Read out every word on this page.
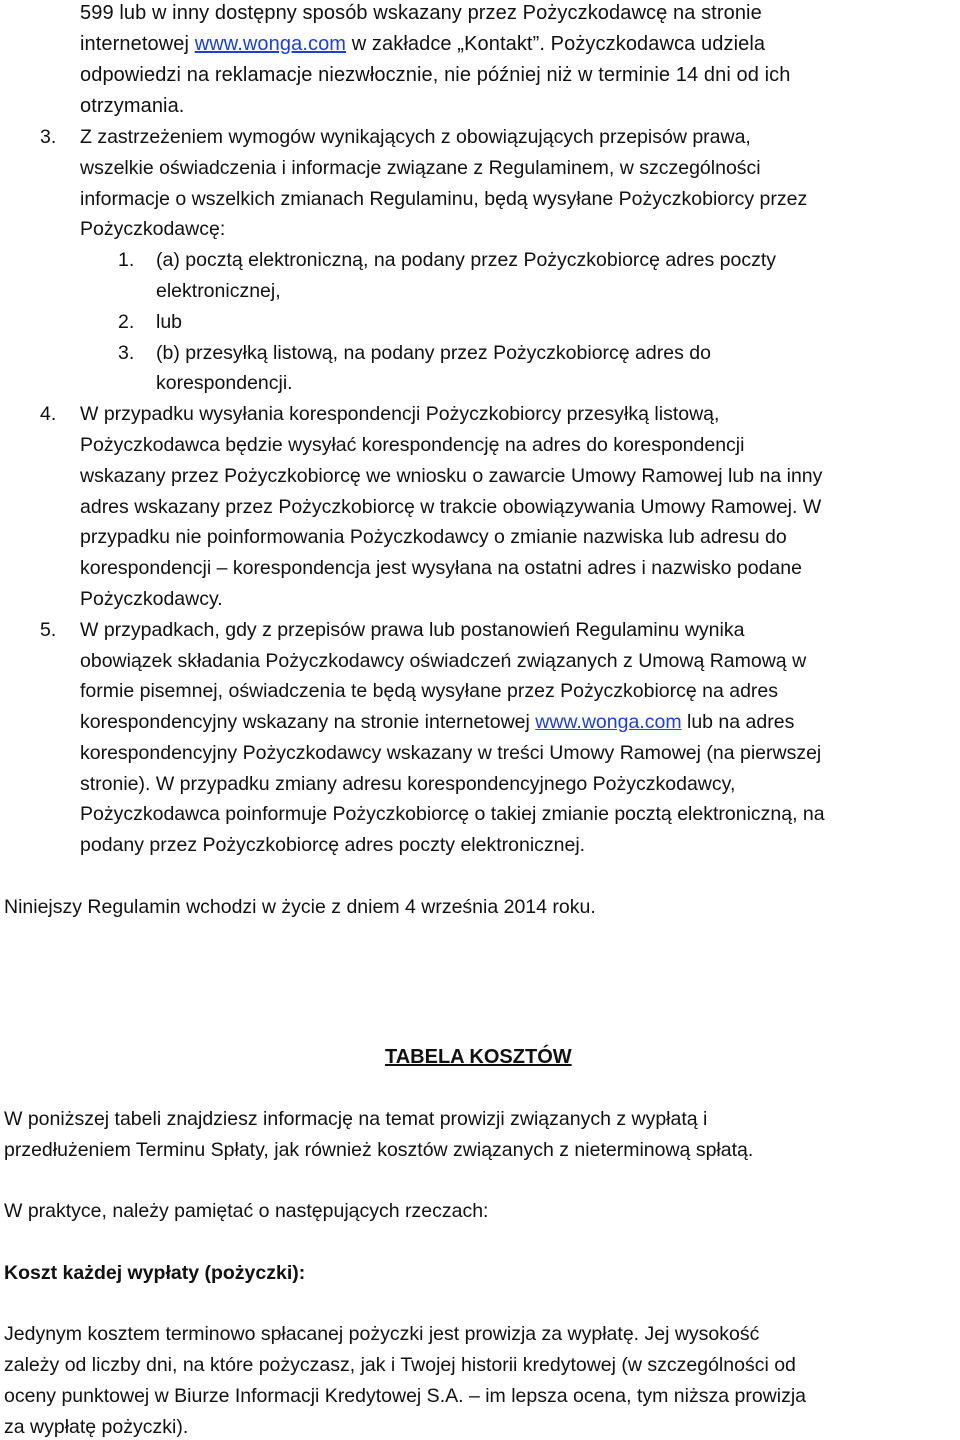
599 lub w inny dostępny sposób wskazany przez Pożyczkodawcę na stronie
internetowej www.wonga.com w zakładce „Kontakt”. Pożyczkodawca udziela
odpowiedzi na reklamacje niezwłocznie, nie później niż w terminie 14 dni od ich
otrzymania.
3. Z zastrzeżeniem wymogów wynikających z obowiązujących przepisów prawa,
wszelkie oświadczenia i informacje związane z Regulaminem, w szczególności
informacje o wszelkich zmianach Regulaminu, będą wysyłane Pożyczkobiorcy przez
Pożyczkodawcę:
1. (a) pocztą elektroniczną, na podany przez Pożyczkobiorcę adres poczty
elektronicznej,
2. lub
3. (b) przesyłką listową, na podany przez Pożyczkobiorcę adres do
korespondencji.
4. W przypadku wysyłania korespondencji Pożyczkobiorcy przesyłką listową,
Pożyczkodawca będzie wysyłać korespondencję na adres do korespondencji
wskazany przez Pożyczkobiorcę we wniosku o zawarcie Umowy Ramowej lub na inny
adres wskazany przez Pożyczkobiorcę w trakcie obowiązywania Umowy Ramowej. W
przypadku nie poinformowania Pożyczkodawcy o zmianie nazwiska lub adresu do
korespondencji – korespondencja jest wysyłana na ostatni adres i nazwisko podane
Pożyczkodawcy.
5. W przypadkach, gdy z przepisów prawa lub postanowień Regulaminu wynika
obowiązek składania Pożyczkodawcy oświadczeń związanych z Umową Ramową w
formie pisemnej, oświadczenia te będą wysyłane przez Pożyczkobiorcę na adres
korespondencyjny wskazany na stronie internetowej www.wonga.com lub na adres
korespondencyjny Pożyczkodawcy wskazany w treści Umowy Ramowej (na pierwszej
stronie). W przypadku zmiany adresu korespondencyjnego Pożyczkodawcy,
Pożyczkodawca poinformuje Pożyczkobiorcę o takiej zmianie pocztą elektroniczną, na
podany przez Pożyczkobiorcę adres poczty elektronicznej.
Niniejszy Regulamin wchodzi w życie z dniem 4 września 2014 roku.
TABELA KOSZTÓW
W poniższej tabeli znajdziesz informację na temat prowizji związanych z wypłatą i
przedłużeniem Terminu Spłaty, jak również kosztów związanych z nieterminową spłatą.
W praktyce, należy pamiętać o następujących rzeczach:
Koszt każdej wypłaty (pożyczki):
Jedynym kosztem terminowo spłacanej pożyczki jest prowizja za wypłatę. Jej wysokość
zależy od liczby dni, na które pożyczasz, jak i Twojej historii kredytowej (w szczególności od
oceny punktowej w Biurze Informacji Kredytowej S.A. – im lepsza ocena, tym niższa prowizja
za wypłatę pożyczki).
